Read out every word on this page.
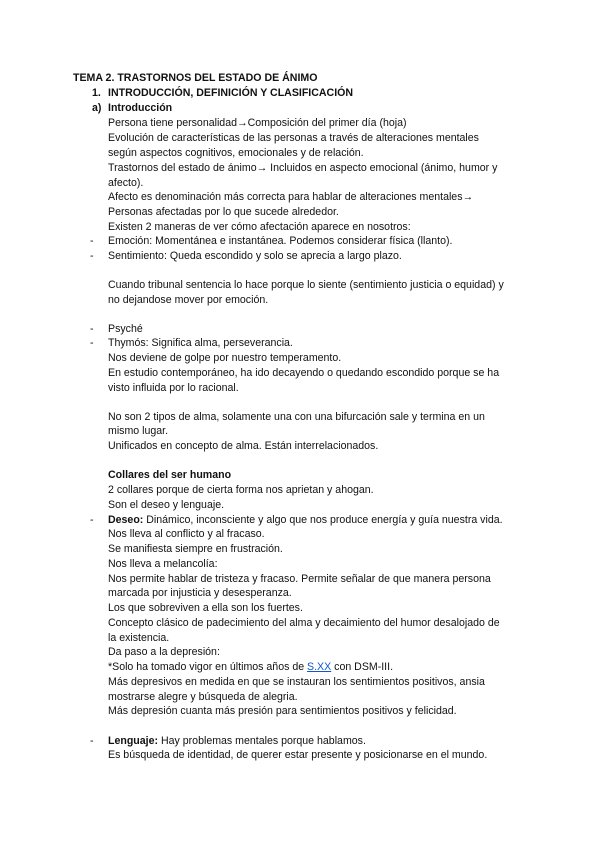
TEMA 2. TRASTORNOS DEL ESTADO DE ÁNIMO
1. INTRODUCCIÓN, DEFINICIÓN Y CLASIFICACIÓN
a) Introducción
Persona tiene personalidad→Composición del primer día (hoja)
Evolución de características de las personas a través de alteraciones mentales
según aspectos cognitivos, emocionales y de relación.
Trastornos del estado de ánimo→ Incluidos en aspecto emocional (ánimo, humor y
afecto).
Afecto es denominación más correcta para hablar de alteraciones mentales→
Personas afectadas por lo que sucede alrededor.
Existen 2 maneras de ver cómo afectación aparece en nosotros:
- Emoción: Momentánea e instantánea. Podemos considerar física (llanto).
- Sentimiento: Queda escondido y solo se aprecia a largo plazo.
Cuando tribunal sentencia lo hace porque lo siente (sentimiento justicia o equidad) y
no dejandose mover por emoción.
- Psyché
- Thymós: Significa alma, perseverancia.
Nos deviene de golpe por nuestro temperamento.
En estudio contemporáneo, ha ido decayendo o quedando escondido porque se ha
visto influida por lo racional.
No son 2 tipos de alma, solamente una con una bifurcación sale y termina en un
mismo lugar.
Unificados en concepto de alma. Están interrelacionados.
Collares del ser humano
2 collares porque de cierta forma nos aprietan y ahogan.
Son el deseo y lenguaje.
- Deseo: Dinámico, inconsciente y algo que nos produce energía y guía nuestra vida.
Nos lleva al conflicto y al fracaso.
Se manifiesta siempre en frustración.
Nos lleva a melancolía:
Nos permite hablar de tristeza y fracaso. Permite señalar de que manera persona
marcada por injusticia y desesperanza.
Los que sobreviven a ella son los fuertes.
Concepto clásico de padecimiento del alma y decaimiento del humor desalojado de
la existencia.
Da paso a la depresión:
*Solo ha tomado vigor en últimos años de S.XX con DSM-III.
Más depresivos en medida en que se instauran los sentimientos positivos, ansia
mostrarse alegre y búsqueda de alegria.
Más depresión cuanta más presión para sentimientos positivos y felicidad.
- Lenguaje: Hay problemas mentales porque hablamos.
Es búsqueda de identidad, de querer estar presente y posicionarse en el mundo.
